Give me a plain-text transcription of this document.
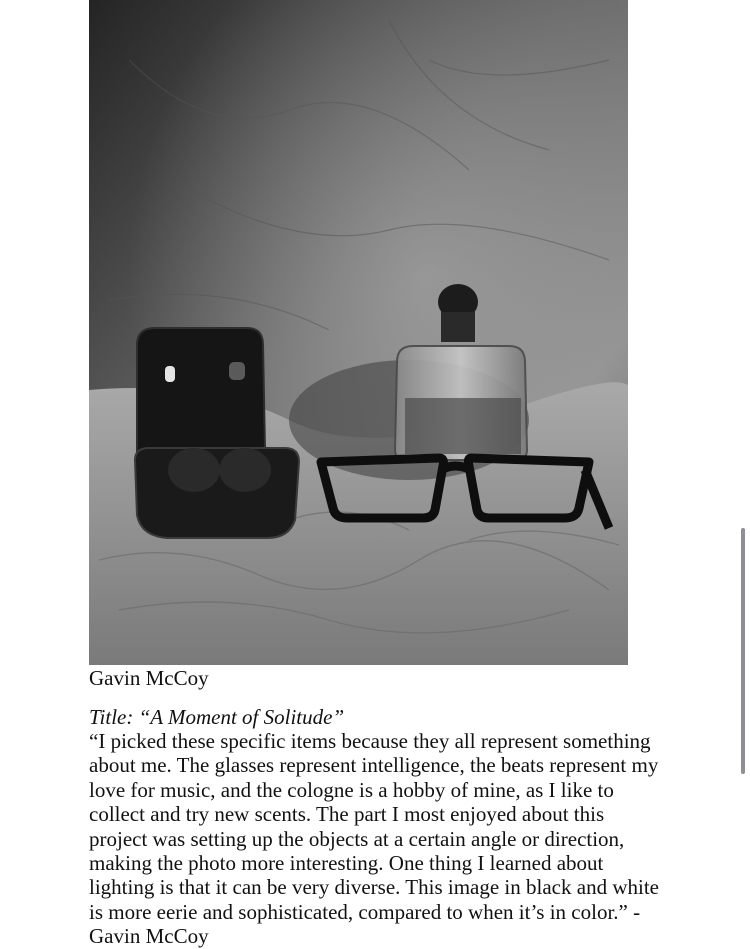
Gavin McCoy

Title: “A Moment of Solitude”

“I picked these specific items because they all represent something
about me. The glasses represent intelligence, the beats represent my
love for music, and the cologne is a hobby of mine, as I like to
collect and try new scents. The part I most enjoyed about this
project was setting up the objects at a certain angle or direction,
making the photo more interesting. One thing I learned about
lighting is that it can be very diverse. This image in black and white
is more eerie and sophisticated, compared to when it’s in color.” -
Gavin McCoy
